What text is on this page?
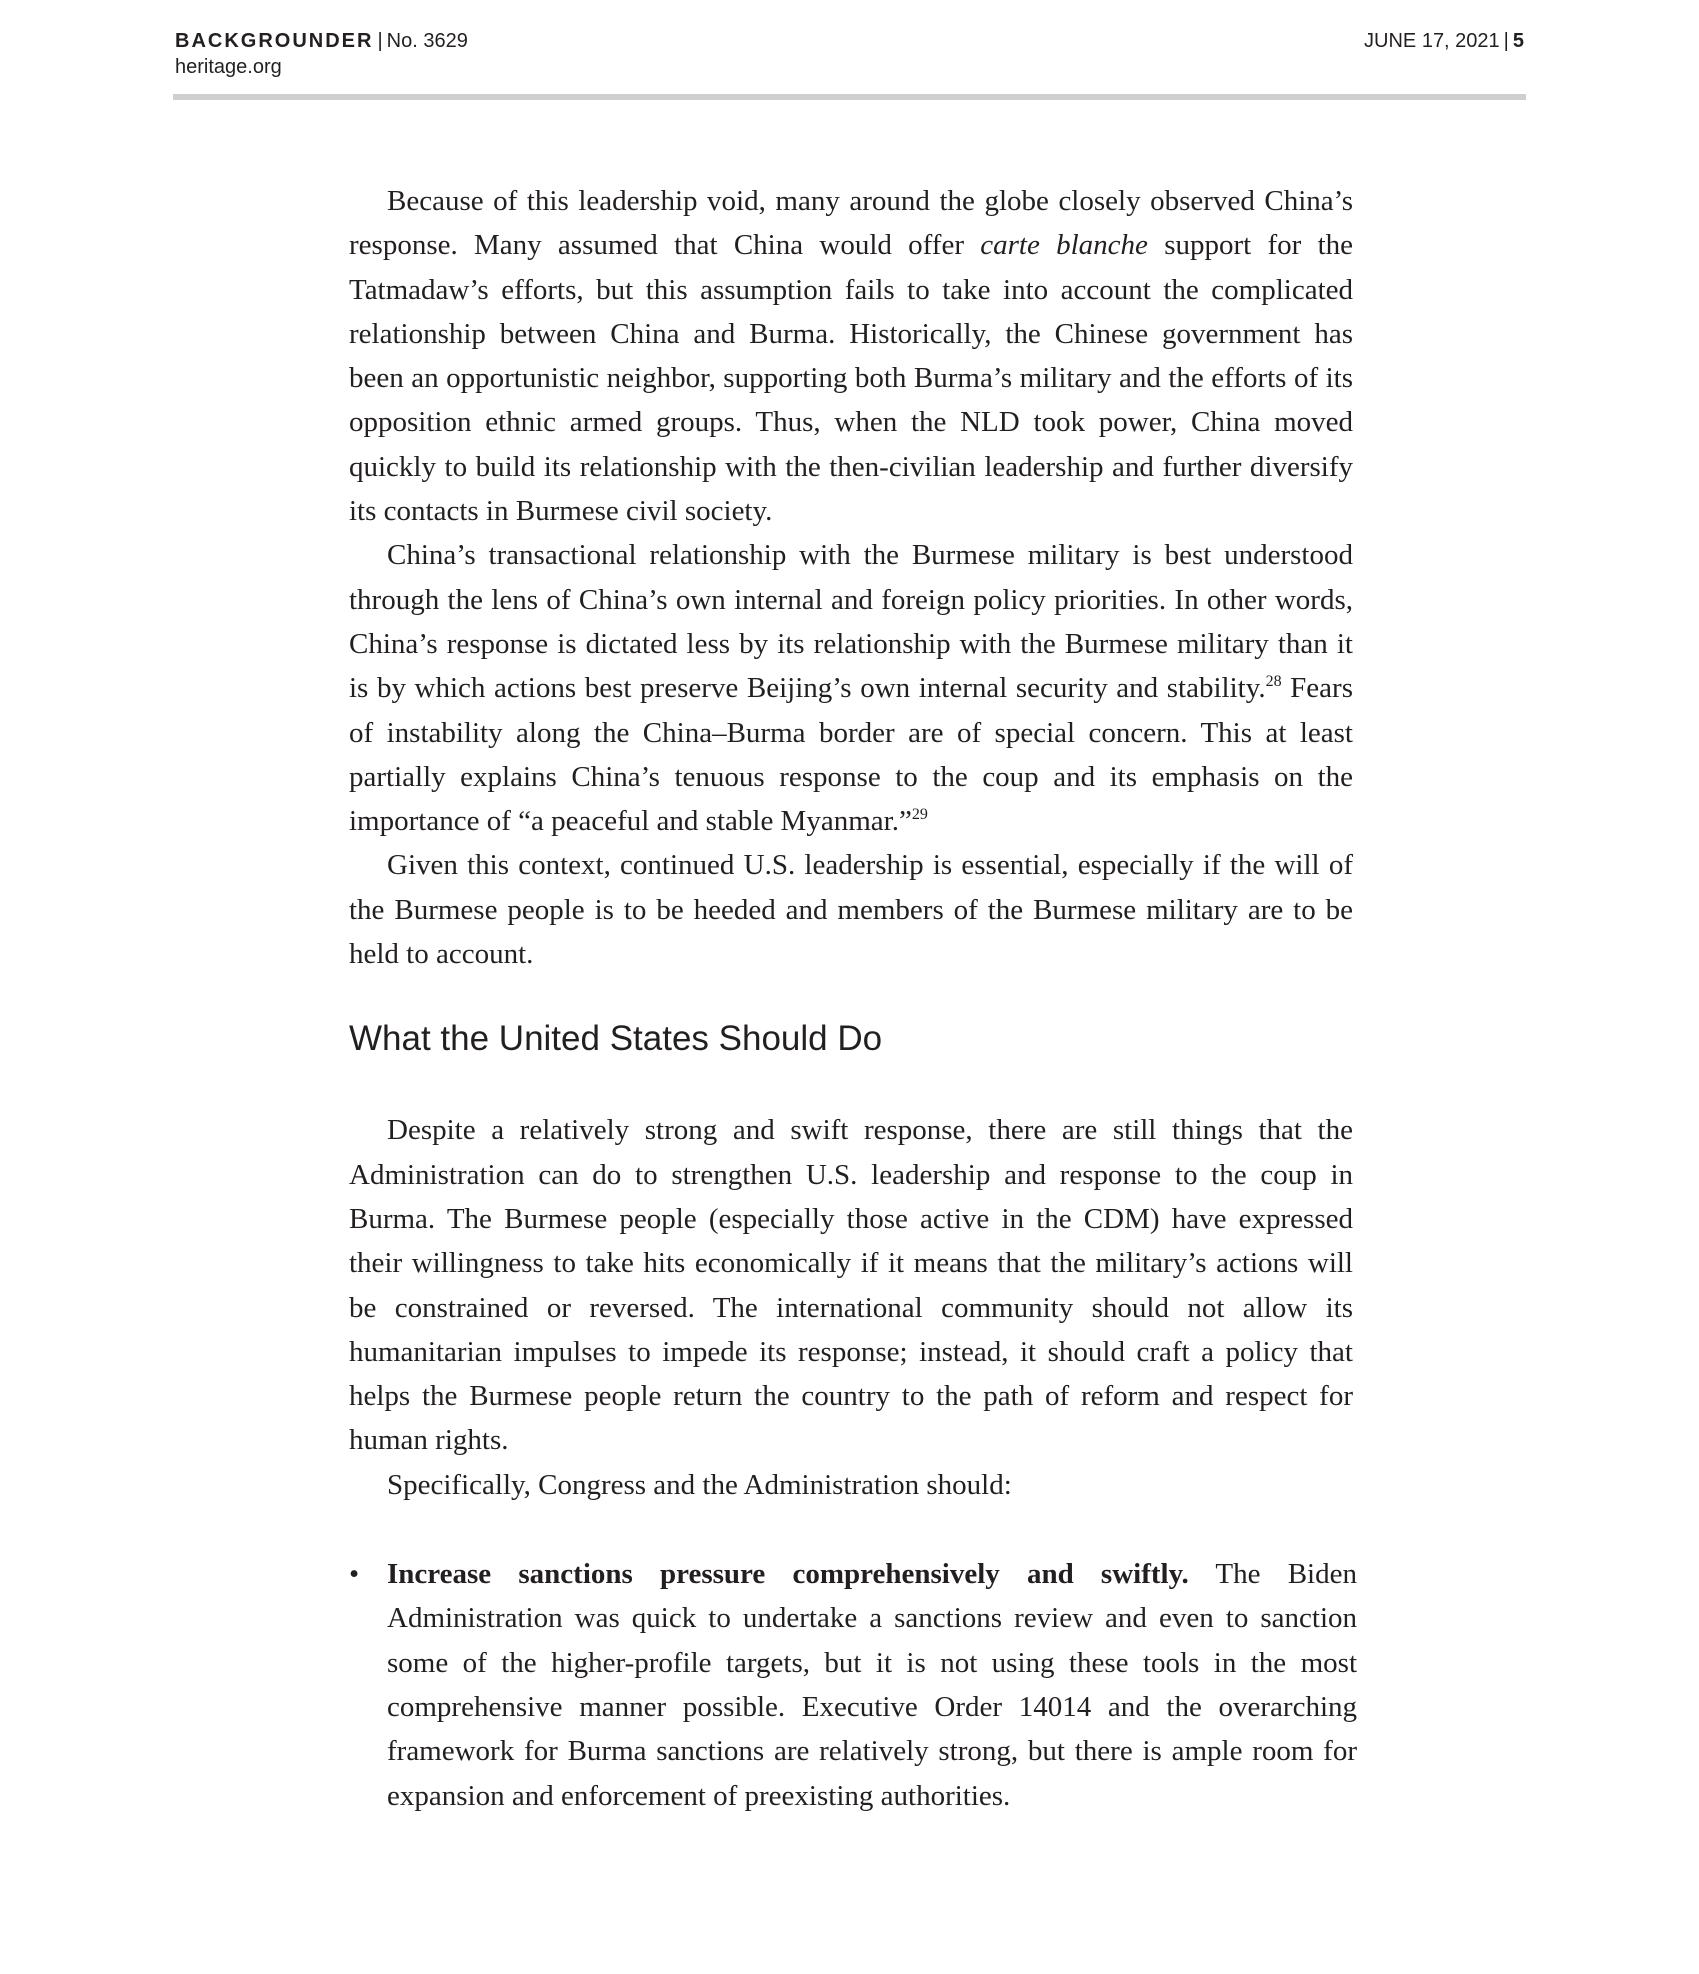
BACKGROUNDER | No. 3629
heritage.org
JUNE 17, 2021 | 5

Because of this leadership void, many around the globe closely observed China’s response. Many assumed that China would offer carte blanche support for the Tatmadaw’s efforts, but this assumption fails to take into account the complicated relationship between China and Burma. Historically, the Chinese government has been an opportunistic neighbor, supporting both Burma’s military and the efforts of its opposition ethnic armed groups. Thus, when the NLD took power, China moved quickly to build its relationship with the then-civilian leadership and further diversify its contacts in Burmese civil society.

China’s transactional relationship with the Burmese military is best understood through the lens of China’s own internal and foreign policy priorities. In other words, China’s response is dictated less by its relationship with the Burmese military than it is by which actions best preserve Beijing’s own internal security and stability.$^{28}$ Fears of instability along the China–Burma border are of special concern. This at least partially explains China’s tenuous response to the coup and its emphasis on the importance of “a peaceful and stable Myanmar.”$^{29}$

Given this context, continued U.S. leadership is essential, especially if the will of the Burmese people is to be heeded and members of the Burmese military are to be held to account.

What the United States Should Do

Despite a relatively strong and swift response, there are still things that the Administration can do to strengthen U.S. leadership and response to the coup in Burma. The Burmese people (especially those active in the CDM) have expressed their willingness to take hits economically if it means that the military’s actions will be constrained or reversed. The international community should not allow its humanitarian impulses to impede its response; instead, it should craft a policy that helps the Burmese people return the country to the path of reform and respect for human rights.

Specifically, Congress and the Administration should:

• Increase sanctions pressure comprehensively and swiftly. The Biden Administration was quick to undertake a sanctions review and even to sanction some of the higher-profile targets, but it is not using these tools in the most comprehensive manner possible. Executive Order 14014 and the overarching framework for Burma sanctions are relatively strong, but there is ample room for expansion and enforcement of preexisting authorities.
